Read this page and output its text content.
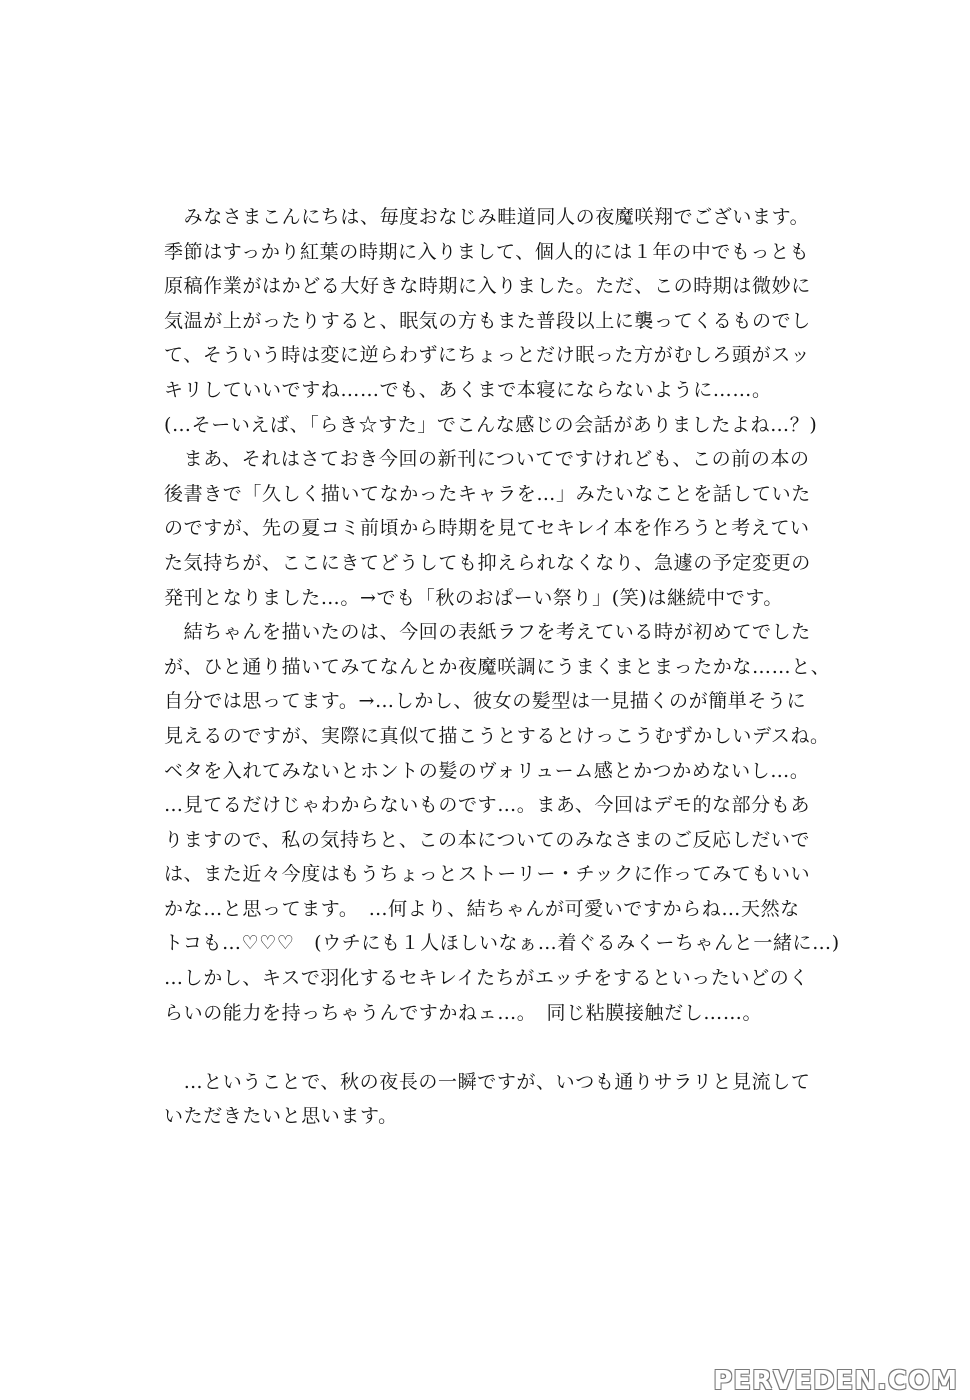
　みなさまこんにちは、毎度おなじみ畦道同人の夜魔咲翔でございます。
季節はすっかり紅葉の時期に入りまして、個人的には１年の中でもっとも
原稿作業がはかどる大好きな時期に入りました。ただ、この時期は微妙に
気温が上がったりすると、眠気の方もまた普段以上に襲ってくるものでし
て、そういう時は変に逆らわずにちょっとだけ眠った方がむしろ頭がスッ
キリしていいですね……でも、あくまで本寝にならないように……。
(…そーいえば、「らき☆すた」でこんな感じの会話がありましたよね…？)
　まあ、それはさておき今回の新刊についてですけれども、この前の本の
後書きで「久しく描いてなかったキャラを…」みたいなことを話していた
のですが、先の夏コミ前頃から時期を見てセキレイ本を作ろうと考えてい
た気持ちが、ここにきてどうしても抑えられなくなり、急遽の予定変更の
発刊となりました…。→でも「秋のおぱーい祭り」(笑)は継続中です。
　結ちゃんを描いたのは、今回の表紙ラフを考えている時が初めてでした
が、ひと通り描いてみてなんとか夜魔咲調にうまくまとまったかな……と、
自分では思ってます。→…しかし、彼女の髪型は一見描くのが簡単そうに
見えるのですが、実際に真似て描こうとするとけっこうむずかしいデスね。
ベタを入れてみないとホントの髪のヴォリューム感とかつかめないし…。
…見てるだけじゃわからないものです…。まあ、今回はデモ的な部分もあ
りますので、私の気持ちと、この本についてのみなさまのご反応しだいで
は、また近々今度はもうちょっとストーリー・チックに作ってみてもいい
かな…と思ってます。　…何より、結ちゃんが可愛いですからね…天然な
トコも…♡♡♡　(ウチにも１人ほしいなぁ…着ぐるみくーちゃんと一緒に…)
…しかし、キスで羽化するセキレイたちがエッチをするといったいどのく
らいの能力を持っちゃうんですかねェ…。　同じ粘膜接触だし……。
　…ということで、秋の夜長の一瞬ですが、いつも通りサラリと見流して
いただきたいと思います。
PERVEDEN.COM
